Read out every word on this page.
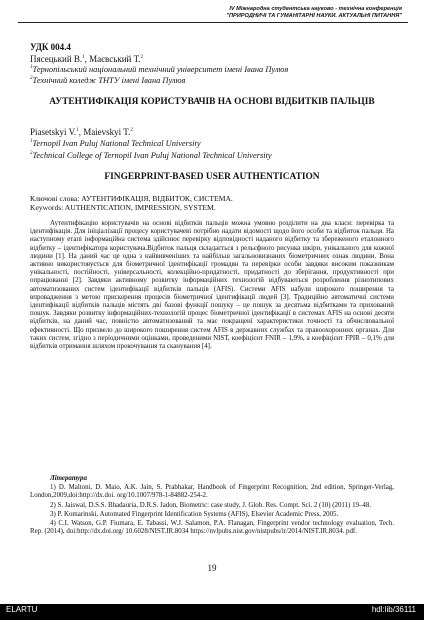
IV Міжнародна студентська науково - технічна конференція
"ПРИРОДНИЧІ ТА ГУМАНІТАРНІ НАУКИ. АКТУАЛЬНІ ПИТАННЯ"
УДК 004.4
Пясецький В.$^1$, Маєвський Т.$^2$
$^1$Тернопільський національний технічний університет імені Івана Пулюя
$^2$Технічний коледж ТНТУ імені Івана Пулюя
АУТЕНТИФІКАЦІЯ КОРИСТУВАЧІВ НА ОСНОВІ ВІДБИТКІВ ПАЛЬЦІВ
Piasetskyi V.$^1$, Maievskyi T.$^2$
$^1$Ternopil Ivan Puluj National Technical University
$^2$Technical College of Ternopil Ivan Puluj National Technical University
FINGERPRINT-BASED USER AUTHENTICATION
Ключові слова: АУТЕНТИФІКАЦІЯ, ВІДБИТОК, СИСТЕМА.
Keywords: AUTHENTICATION, IMPRESSION, SYSTEM.

Аутентифікацію користувачів на основі відбитків пальців можна умовно розділити на два класи: перевірка та ідентифікація. Для ініціалізації процесу користувачеві потрібно надати відомості щодо його особи та відбиток пальця. На наступному етапі інформаційна система здійснює перевірку відповідності наданого відбитку та збереженого еталонного відбитку – ідентифікатора користувача.Відбиток пальця складається з рельєфного рисунка шкіри, унікального для кожної людини [1]. На даний час це одна з найвивченіших та найбільш загальновизнаних біометричних ознак людини. Вона активно використовується для біометричної ідентифікації громадян та перевірки особи завдяки високим показникам унікальності, постійності, універсальності, колекційно-придатності, придатності до зберігання, продуктивності при опрацюванні [2]. Завдяки активному розвитку інформаційних технологій відбуваються розроблення різнотипових автоматизованих систем ідентифікації відбитків пальців (AFIS). Системи AFIS набули широкого поширення та впровадження з метою прискорення процесів біометричної ідентифікації людей [3]. Традиційно автоматичні системи ідентифікації відбитків пальців містять дві базові функції пошуку – це пошук за десятьма відбитками та прихований пошук. Завдяки розвитку інформаційних-технологій процес біометричної ідентифікації в системах AFIS на основі десяти відбитків, на даний час, повністю автоматизований та має покращені характеристики точності та обчислювальної ефективності. Що призвело до широкого поширення систем AFIS в державних службах та правоохоронних органах. Для таких систем, згідно з періодичними оцінками, проведеними NIST, коефіцієнт FNIR – 1,9%, а коефіцієнт FPIR – 0,1% для відбитків отримання шляхом прокочування та сканування [4].

Література
1) D. Maltoni, D. Maio, A.K. Jain, S. Prabhakar, Handbook of Fingerprint Recognition, 2nd edition, Springer-Verlag, London,2009,doi:http://dx.doi. org/10.1007/978-1-84882-254-2.
2) S. Jaiswal, D.S.S. Bhadauria, D.R.S. Jadon, Biometric: case study, J. Glob. Res. Compt. Sci. 2 (10) (2011) 19–48.
3) P. Komarinski, Automated Fingerprint Identification Systems (AFIS), Elsevier Academic Press, 2005.
4) C.I. Watson, G.P. Fiumara, E. Tabassi, W.J. Salamon, P.A. Flanagan, Fingerprint vendor technology evaluation, Tech. Rep. (2014), doi:http://dx.doi.org/ 10.6028/NIST.IR.8034 https://nvlpubs.nist.gov/nistpubs/ir/2014/NIST.IR.8034. pdf.
19
ELARTU	hdl:lib/36111
